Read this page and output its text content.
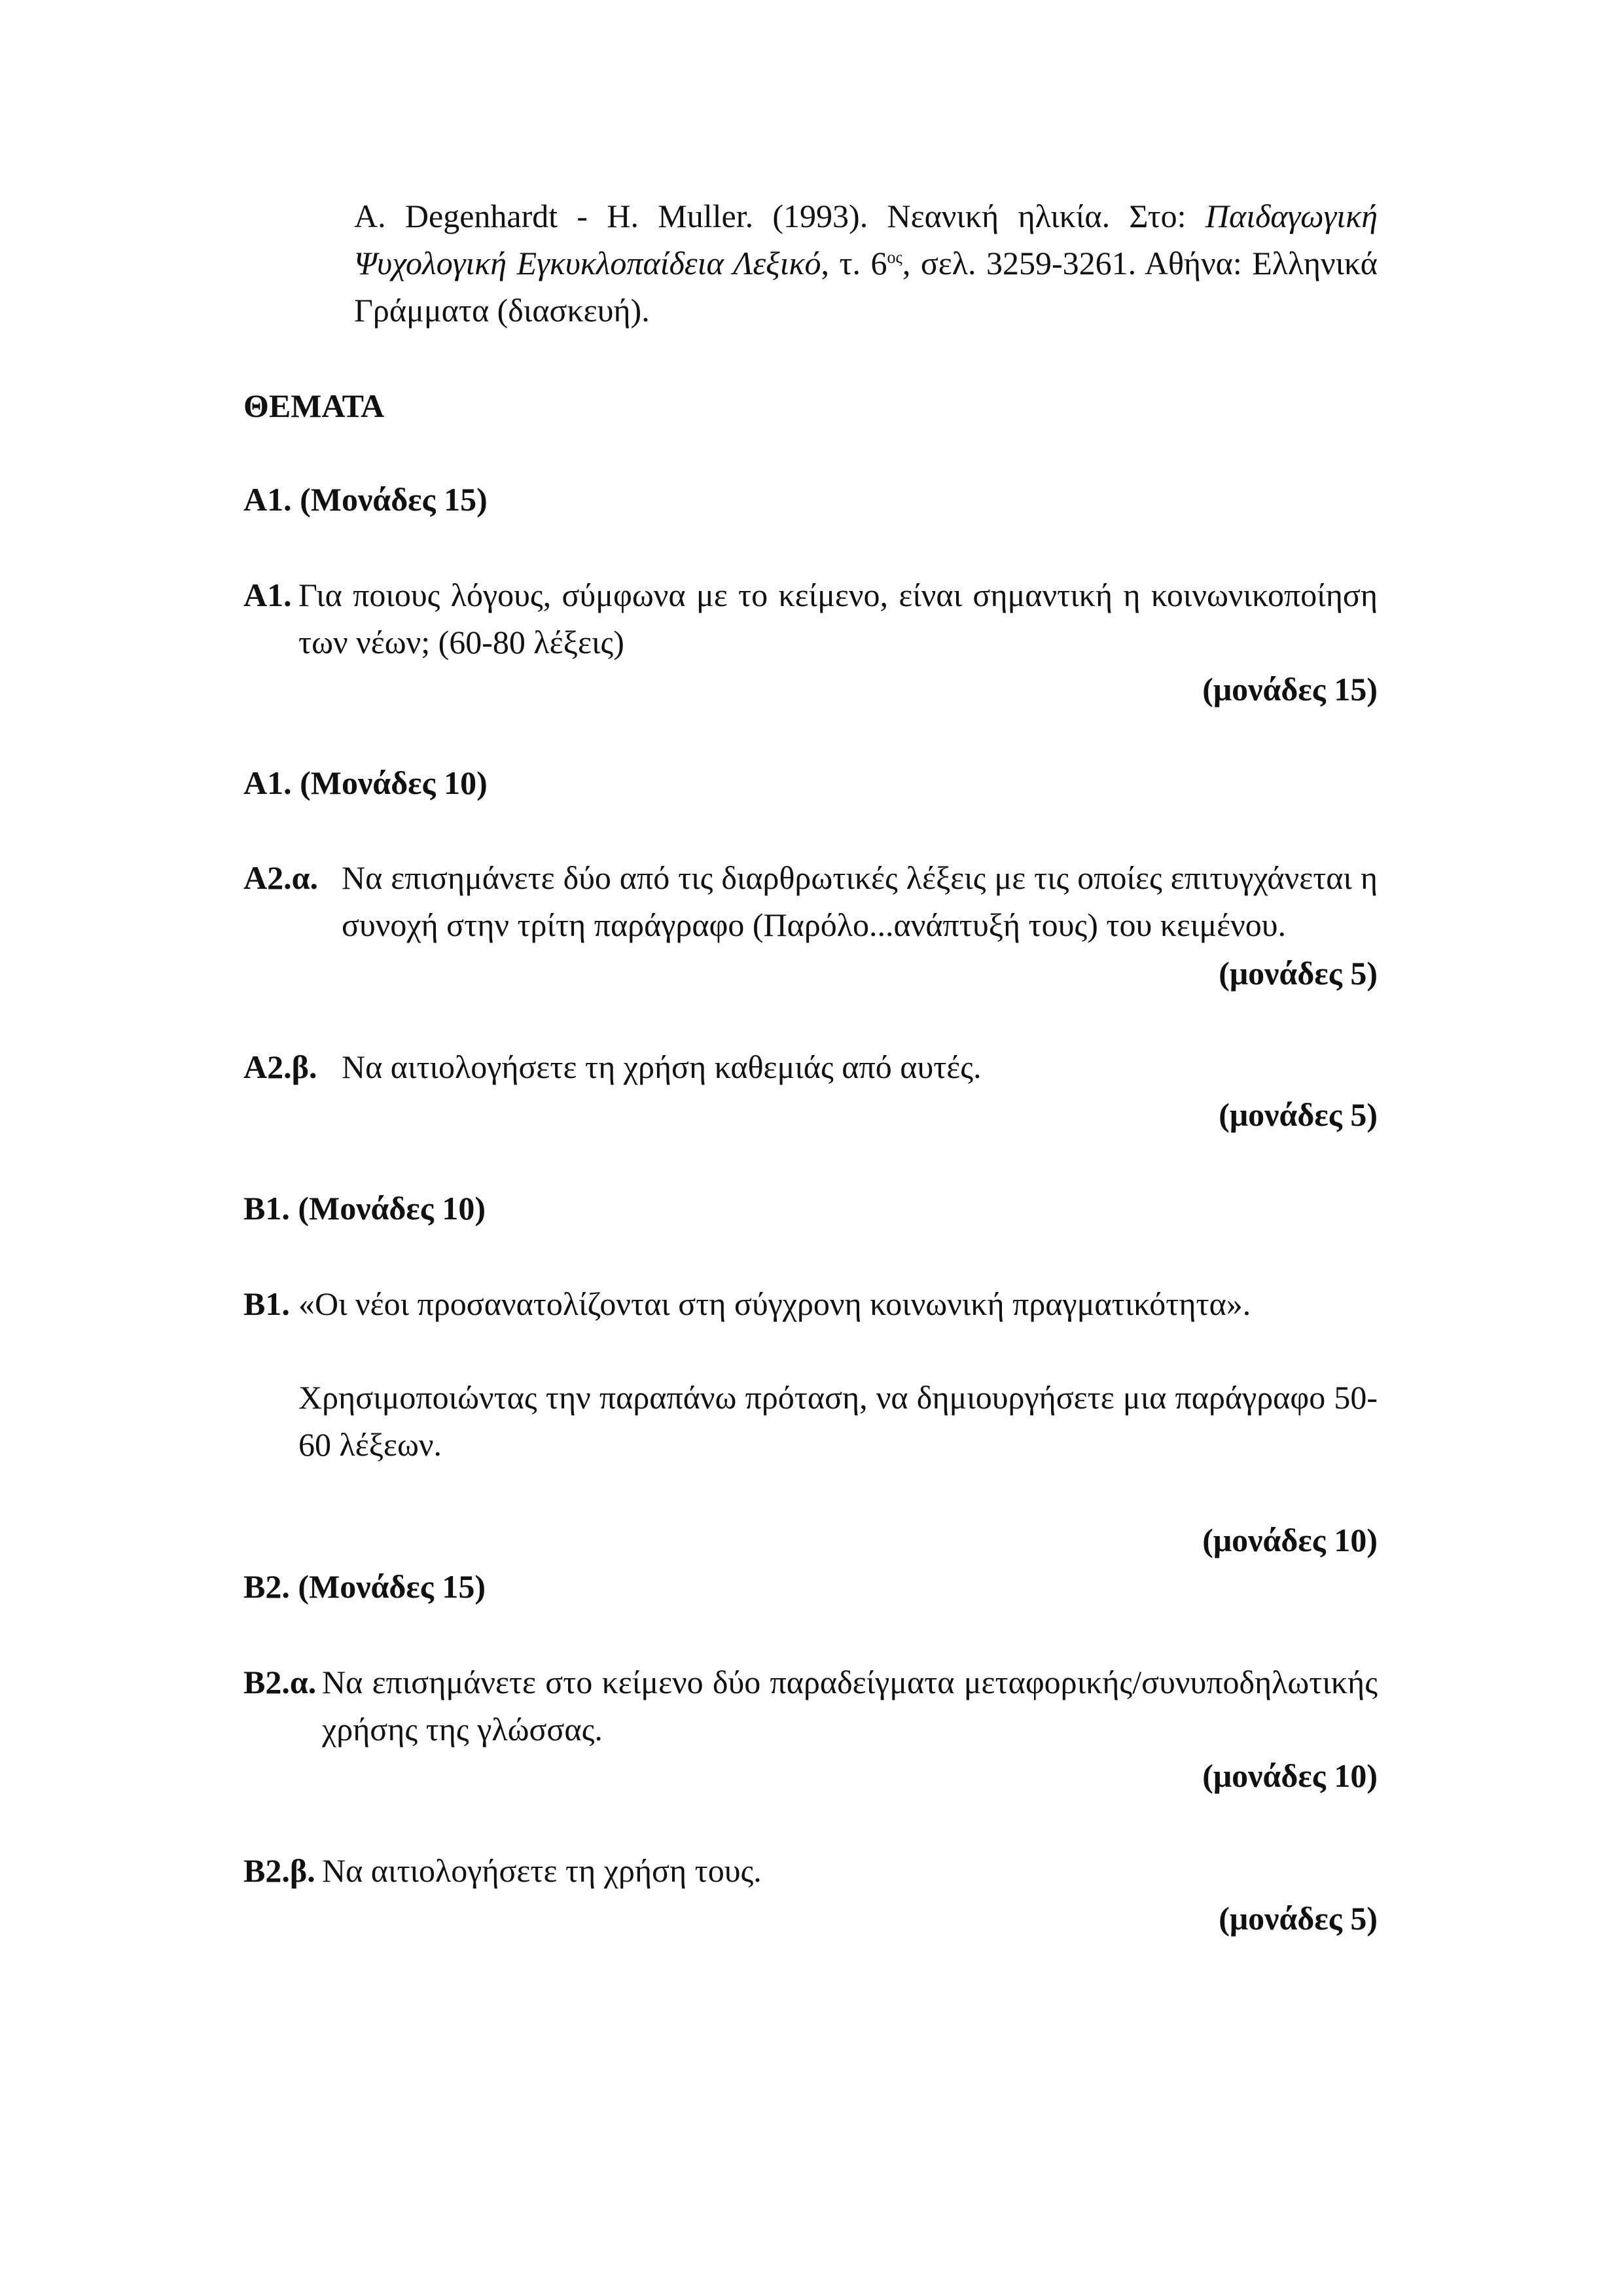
A. Degenhardt - H. Muller. (1993). Νεανική ηλικία. Στο: Παιδαγωγική Ψυχολογική Εγκυκλοπαίδεια Λεξικό, τ. $6^{o\varsigma}$, σελ. 3259-3261. Αθήνα: Ελληνικά Γράμματα (διασκευή).

ΘΕΜΑΤΑ

Α1. (Μονάδες 15)

Α1. Για ποιους λόγους, σύμφωνα με το κείμενο, είναι σημαντική η κοινωνικοποίηση των νέων; (60-80 λέξεις)

(μονάδες 15)

Α1. (Μονάδες 10)

Α2.α. Να επισημάνετε δύο από τις διαρθρωτικές λέξεις με τις οποίες επιτυγχάνεται η συνοχή στην τρίτη παράγραφο (Παρόλο...ανάπτυξή τους) του κειμένου.

(μονάδες 5)

Α2.β. Να αιτιολογήσετε τη χρήση καθεμιάς από αυτές.

(μονάδες 5)

Β1. (Μονάδες 10)

Β1. «Οι νέοι προσανατολίζονται στη σύγχρονη κοινωνική πραγματικότητα».

Χρησιμοποιώντας την παραπάνω πρόταση, να δημιουργήσετε μια παράγραφο 50-60 λέξεων.

(μονάδες 10)

Β2. (Μονάδες 15)

Β2.α. Να επισημάνετε στο κείμενο δύο παραδείγματα μεταφορικής/συνυποδηλωτικής χρήσης της γλώσσας.

(μονάδες 10)

Β2.β. Να αιτιολογήσετε τη χρήση τους.

(μονάδες 5)
